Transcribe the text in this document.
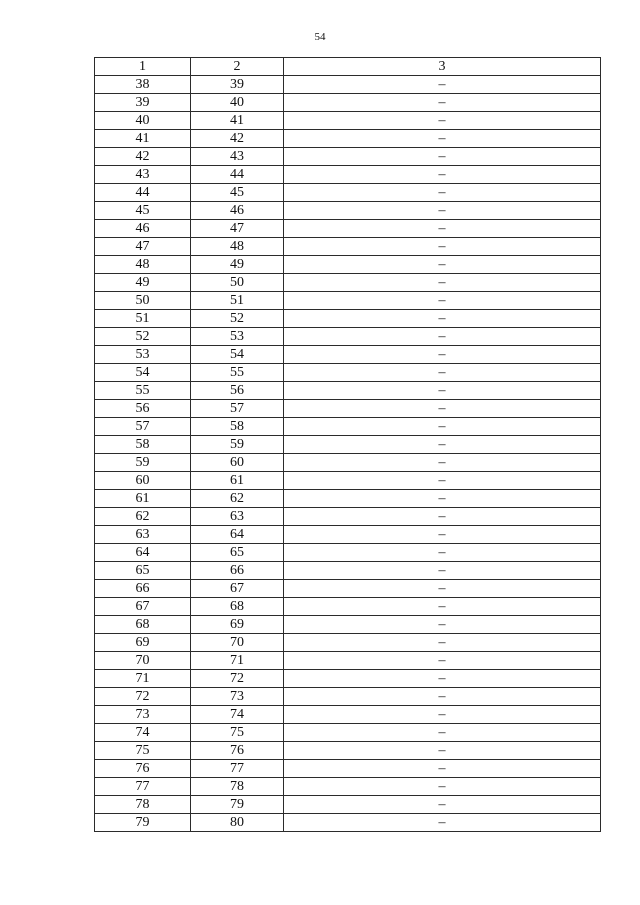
54
1	2	3
38	39	–
39	40	–
40	41	–
41	42	–
42	43	–
43	44	–
44	45	–
45	46	–
46	47	–
47	48	–
48	49	–
49	50	–
50	51	–
51	52	–
52	53	–
53	54	–
54	55	–
55	56	–
56	57	–
57	58	–
58	59	–
59	60	–
60	61	–
61	62	–
62	63	–
63	64	–
64	65	–
65	66	–
66	67	–
67	68	–
68	69	–
69	70	–
70	71	–
71	72	–
72	73	–
73	74	–
74	75	–
75	76	–
76	77	–
77	78	–
78	79	–
79	80	–
